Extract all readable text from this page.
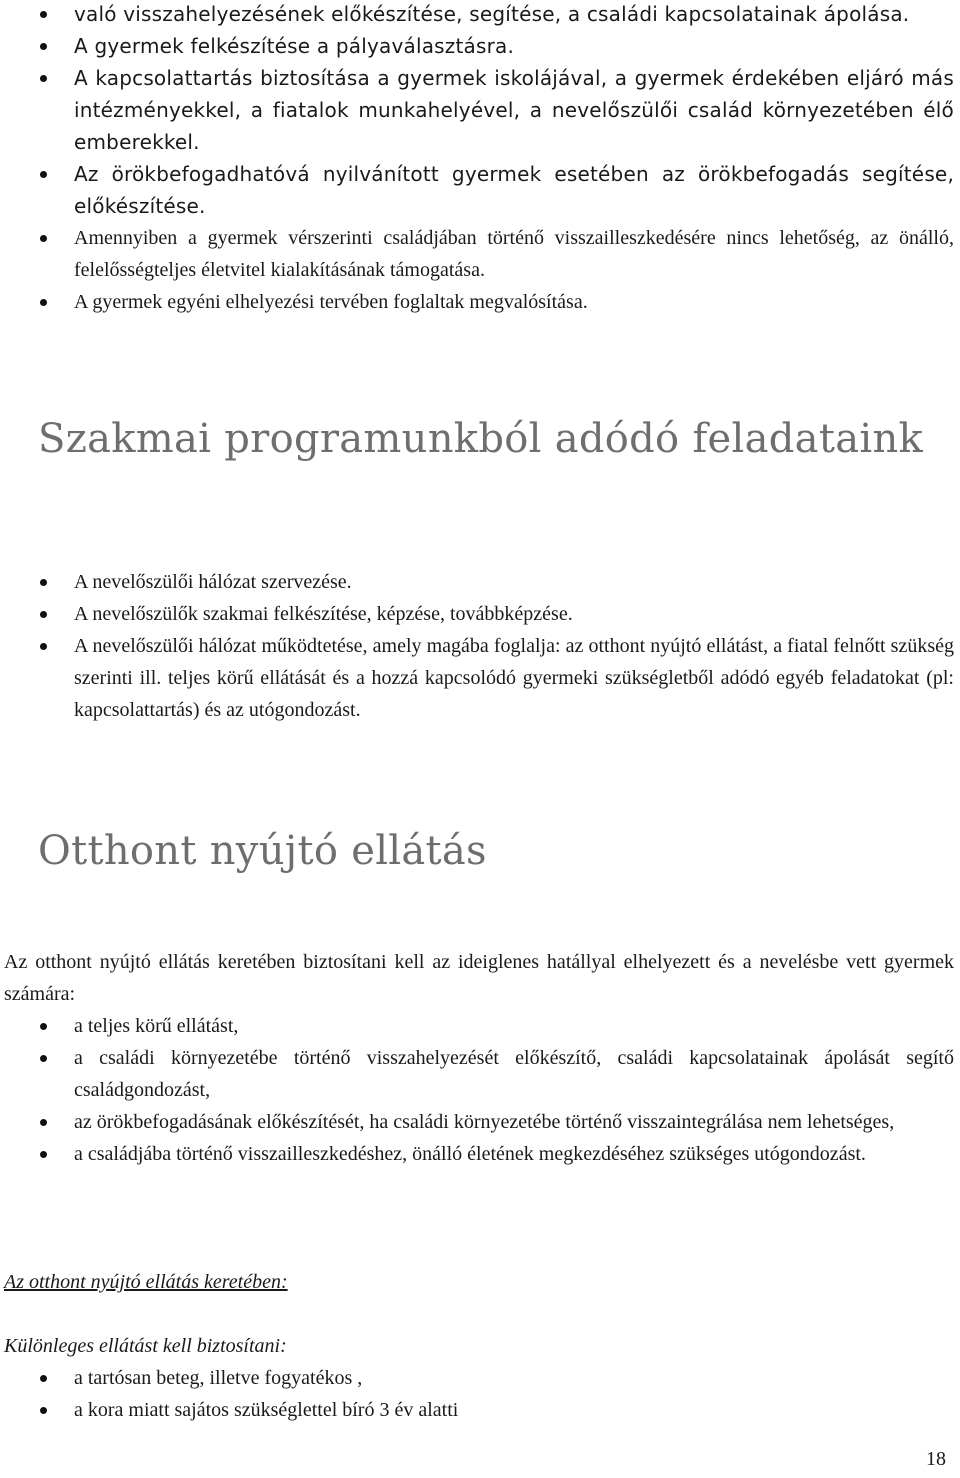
való visszahelyezésének előkészítése, segítése, a családi kapcsolatainak ápolása.
A gyermek felkészítése a pályaválasztásra.
A kapcsolattartás biztosítása a gyermek iskolájával, a gyermek érdekében eljáró más intézményekkel, a fiatalok munkahelyével, a nevelőszülői család környezetében élő emberekkel.
Az örökbefogadhatóvá nyilvánított gyermek esetében az örökbefogadás segítése, előkészítése.
Amennyiben a gyermek vérszerinti családjában történő visszailleszkedésére nincs lehetőség, az önálló, felelősségteljes életvitel kialakításának támogatása.
A gyermek egyéni elhelyezési tervében foglaltak megvalósítása.
Szakmai programunkból adódó feladataink
A nevelőszülői hálózat szervezése.
A nevelőszülők szakmai felkészítése, képzése, továbbképzése.
A nevelőszülői hálózat működtetése, amely magába foglalja: az otthont nyújtó ellátást, a fiatal felnőtt szükség szerinti ill. teljes körű ellátását és a hozzá kapcsolódó gyermeki szükségletből adódó egyéb feladatokat (pl: kapcsolattartás) és az utógondozást.
Otthont nyújtó ellátás

Az otthont nyújtó ellátás keretében biztosítani kell az ideiglenes hatállyal elhelyezett és a nevelésbe vett gyermek számára:

a teljes körű ellátást,
a családi környezetébe történő visszahelyezését előkészítő, családi kapcsolatainak ápolását segítő családgondozást,
az örökbefogadásának előkészítését, ha családi környezetébe történő visszaintegrálása nem lehetséges,
a családjába történő visszailleszkedéshez, önálló életének megkezdéséhez szükséges utógondozást.

Az otthont nyújtó ellátás keretében:

Különleges ellátást kell biztosítani:

a tartósan beteg, illetve fogyatékos ,
a kora miatt sajátos szükséglettel bíró 3 év alatti
18
